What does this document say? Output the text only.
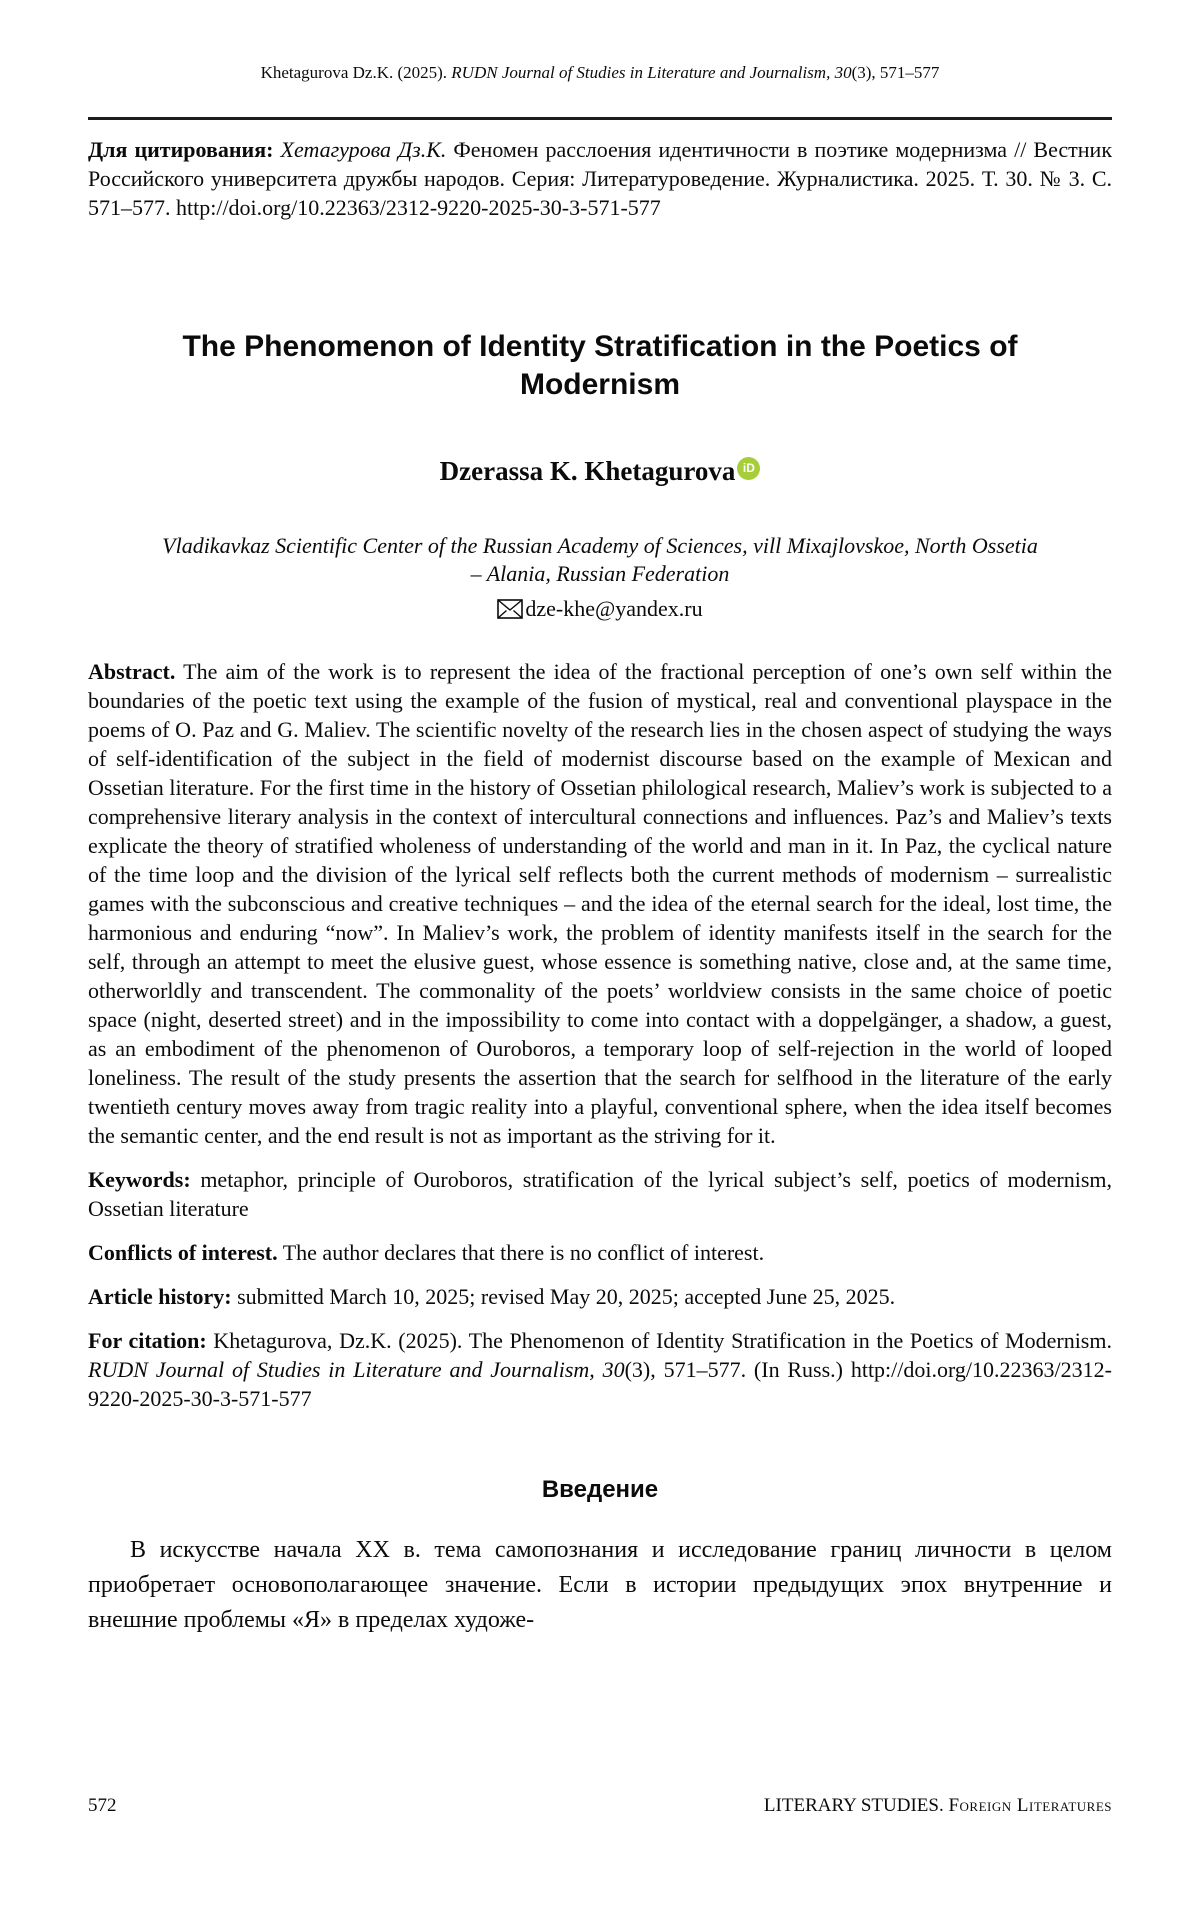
Khetagurova Dz.K. (2025). RUDN Journal of Studies in Literature and Journalism, 30(3), 571–577

Для цитирования: Хетагурова Дз.К. Феномен расслоения идентичности в поэтике модернизма // Вестник Российского университета дружбы народов. Серия: Литературоведение. Журналистика. 2025. Т. 30. № 3. С. 571–577. http://doi.org/10.22363/2312-9220-2025-30-3-571-577

The Phenomenon of Identity Stratification in the Poetics of Modernism
Dzerassa K. Khetagurova iD
Vladikavkaz Scientific Center of the Russian Academy of Sciences, vill Mixajlovskoe, North Ossetia – Alania, Russian Federation
dze-khe@yandex.ru

Abstract. The aim of the work is to represent the idea of the fractional perception of one’s own self within the boundaries of the poetic text using the example of the fusion of mystical, real and conventional playspace in the poems of O. Paz and G. Maliev. The scientific novelty of the research lies in the chosen aspect of studying the ways of self-identification of the subject in the field of modernist discourse based on the example of Mexican and Ossetian literature. For the first time in the history of Ossetian philological research, Maliev’s work is subjected to a comprehensive literary analysis in the context of intercultural connections and influences. Paz’s and Maliev’s texts explicate the theory of stratified wholeness of understanding of the world and man in it. In Paz, the cyclical nature of the time loop and the division of the lyrical self reflects both the current methods of modernism – surrealistic games with the subconscious and creative techniques – and the idea of the eternal search for the ideal, lost time, the harmonious and enduring “now”. In Maliev’s work, the problem of identity manifests itself in the search for the self, through an attempt to meet the elusive guest, whose essence is something native, close and, at the same time, otherworldly and transcendent. The commonality of the poets’ worldview consists in the same choice of poetic space (night, deserted street) and in the impossibility to come into contact with a doppelgänger, a shadow, a guest, as an embodiment of the phenomenon of Ouroboros, a temporary loop of self-rejection in the world of looped loneliness. The result of the study presents the assertion that the search for selfhood in the literature of the early twentieth century moves away from tragic reality into a playful, conventional sphere, when the idea itself becomes the semantic center, and the end result is not as important as the striving for it.

Keywords: metaphor, principle of Ouroboros, stratification of the lyrical subject’s self, poetics of modernism, Ossetian literature

Conflicts of interest. The author declares that there is no conflict of interest.

Article history: submitted March 10, 2025; revised May 20, 2025; accepted June 25, 2025.

For citation: Khetagurova, Dz.K. (2025). The Phenomenon of Identity Stratification in the Poetics of Modernism. RUDN Journal of Studies in Literature and Journalism, 30(3), 571–577. (In Russ.) http://doi.org/10.22363/2312-9220-2025-30-3-571-577

Введение

В искусстве начала XX в. тема самопознания и исследование границ личности в целом приобретает основополагающее значение. Если в истории предыдущих эпох внутренние и внешние проблемы «Я» в пределах художе-

572	LITERARY STUDIES. Foreign Literatures
